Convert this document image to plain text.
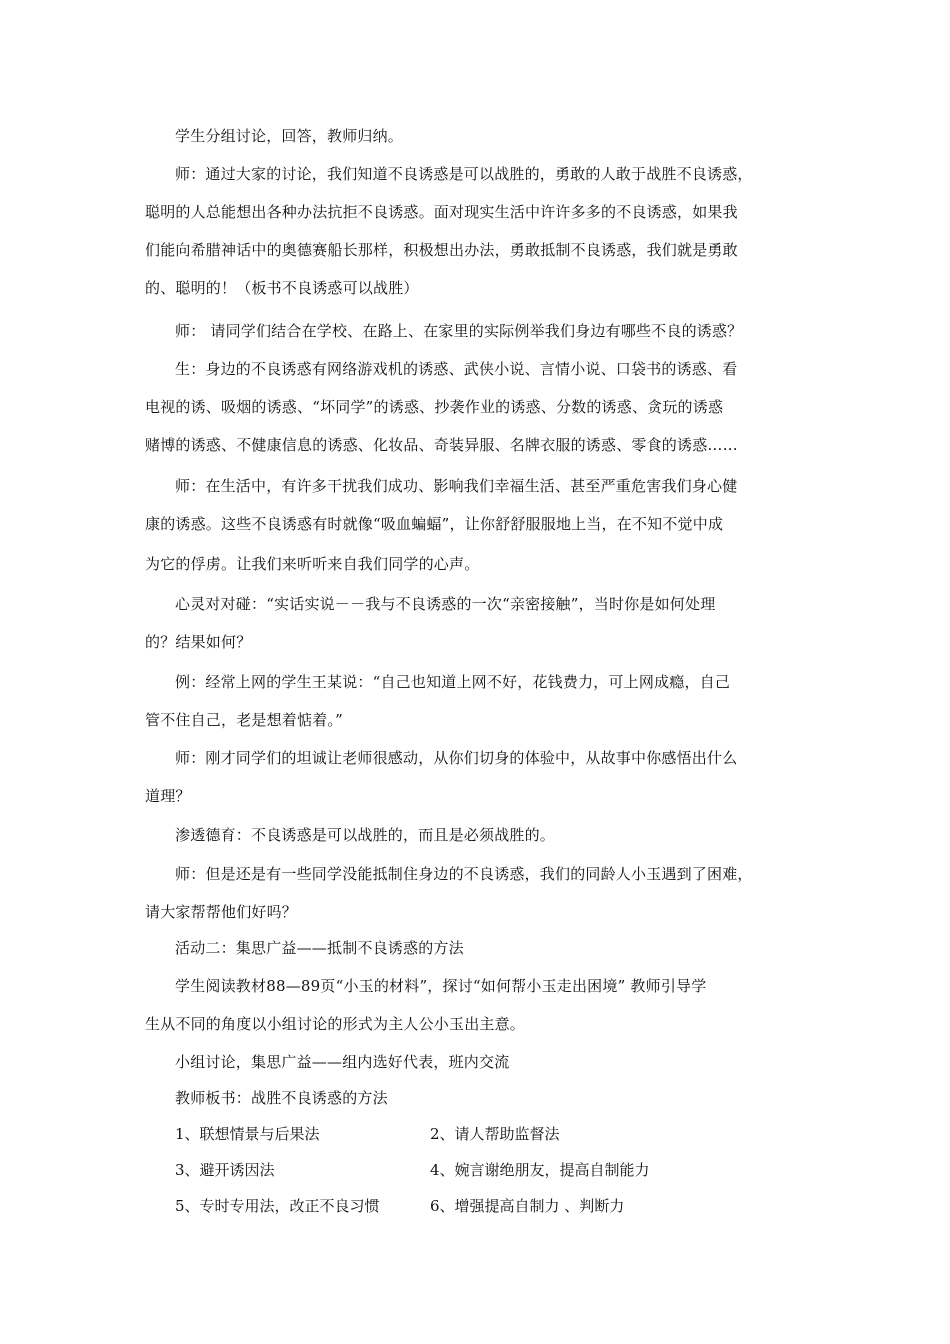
学生分组讨论，回答，教师归纳。
师：通过大家的讨论，我们知道不良诱惑是可以战胜的，勇敢的人敢于战胜不良诱惑，
聪明的人总能想出各种办法抗拒不良诱惑。面对现实生活中许许多多的不良诱惑，如果我
们能向希腊神话中的奥德赛船长那样，积极想出办法，勇敢抵制不良诱惑，我们就是勇敢
的、聪明的！（板书不良诱惑可以战胜）
师： 请同学们结合在学校、在路上、在家里的实际例举我们身边有哪些不良的诱惑？
生：身边的不良诱惑有网络游戏机的诱惑、武侠小说、言情小说、口袋书的诱惑、看
电视的诱、吸烟的诱惑、“坏同学”的诱惑、抄袭作业的诱惑、分数的诱惑、贪玩的诱惑
赌博的诱惑、不健康信息的诱惑、化妆品、奇装异服、名牌衣服的诱惑、零食的诱惑……
师：在生活中，有许多干扰我们成功、影响我们幸福生活、甚至严重危害我们身心健
康的诱惑。这些不良诱惑有时就像“吸血蝙蝠”，让你舒舒服服地上当，在不知不觉中成
为它的俘虏。让我们来听听来自我们同学的心声。
心灵对对碰：“实话实说－－我与不良诱惑的一次“亲密接触”，当时你是如何处理
的？结果如何？
例：经常上网的学生王某说：“自己也知道上网不好，花钱费力，可上网成瘾，自己
管不住自己，老是想着惦着。”
师：刚才同学们的坦诚让老师很感动，从你们切身的体验中，从故事中你感悟出什么
道理？
渗透德育：不良诱惑是可以战胜的，而且是必须战胜的。
师：但是还是有一些同学没能抵制住身边的不良诱惑，我们的同龄人小玉遇到了困难，
请大家帮帮他们好吗？
活动二：集思广益——抵制不良诱惑的方法
学生阅读教材88—89页“小玉的材料”，探讨“如何帮小玉走出困境” 教师引导学
生从不同的角度以小组讨论的形式为主人公小玉出主意。
小组讨论，集思广益——组内选好代表，班内交流
教师板书：战胜不良诱惑的方法
1、联想情景与后果法	2、请人帮助监督法
3、避开诱因法	4、婉言谢绝朋友，提高自制能力
5、专时专用法，改正不良习惯	6、增强提高自制力 、判断力
